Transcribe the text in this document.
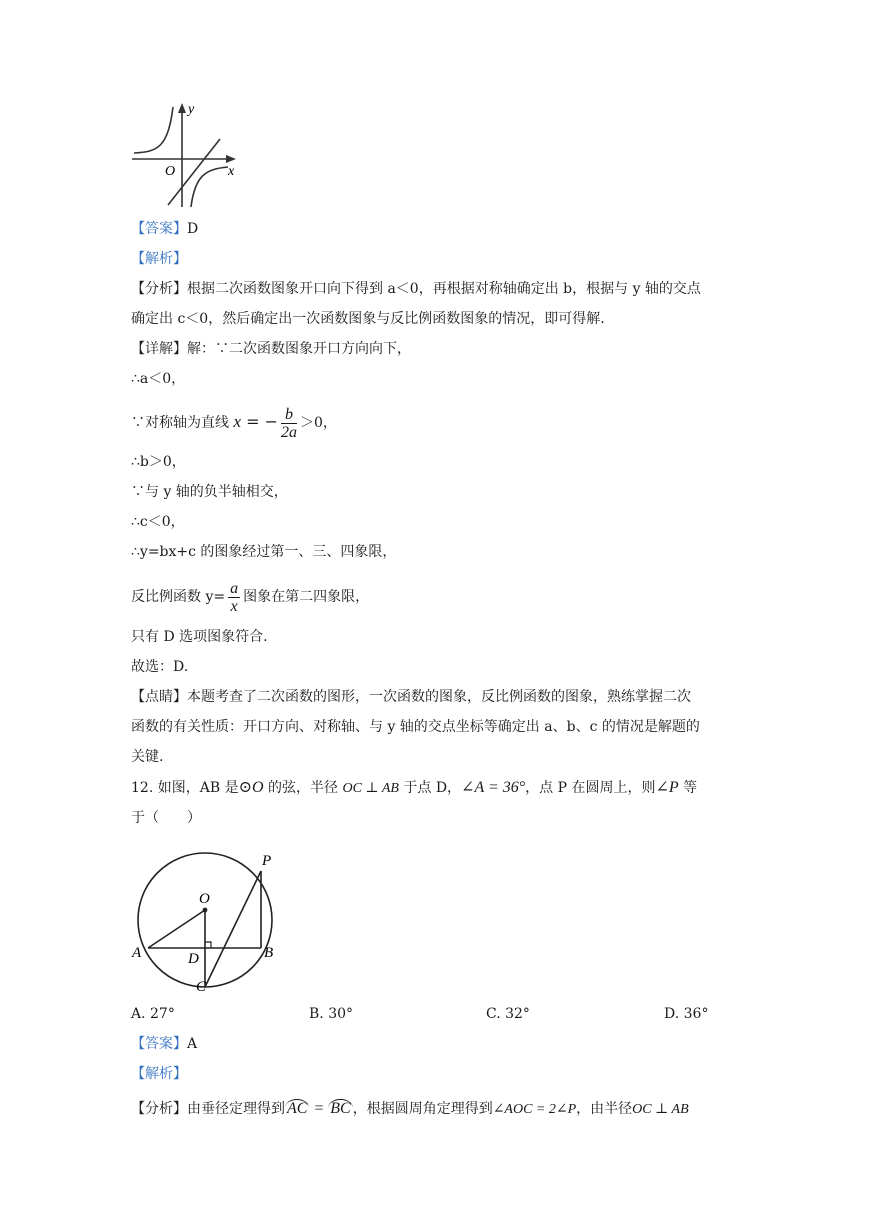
y
x
O
【答案】D
【解析】
【分析】根据二次函数图象开口向下得到 a＜0，再根据对称轴确定出 b，根据与 y 轴的交点
确定出 c＜0，然后确定出一次函数图象与反比例函数图象的情况，即可得解.
【详解】解：∵二次函数图象开口方向向下，
∴a＜0，
∵对称轴为直线 x = − $\frac{b}{2a} >0$，
∴b＞0，
∵与 y 轴的负半轴相交，
∴c＜0，
∴y=bx+c 的图象经过第一、三、四象限，
反比例函数 $y= \frac{a}{x}$ 图象在第二四象限，
只有 D 选项图象符合.
故选：D.
【点睛】本题考查了二次函数的图形，一次函数的图象，反比例函数的图象，熟练掌握二次
函数的有关性质：开口方向、对称轴、与 y 轴的交点坐标等确定出 a、b、c 的情况是解题的
关键.
12. 如图，AB 是⊙O 的弦，半径 OC ⊥ AB 于点 D，∠A = 36°，点 P 在圆周上，则∠P 等
于（　　）
P
O
A	D	B
C
A. 27°	B. 30°	C. 32°	D. 36°
【答案】A
【解析】
【分析】由垂径定理得到 AC = BC ，根据圆周角定理得到∠AOC = 2∠P，由半径OC ⊥ AB
